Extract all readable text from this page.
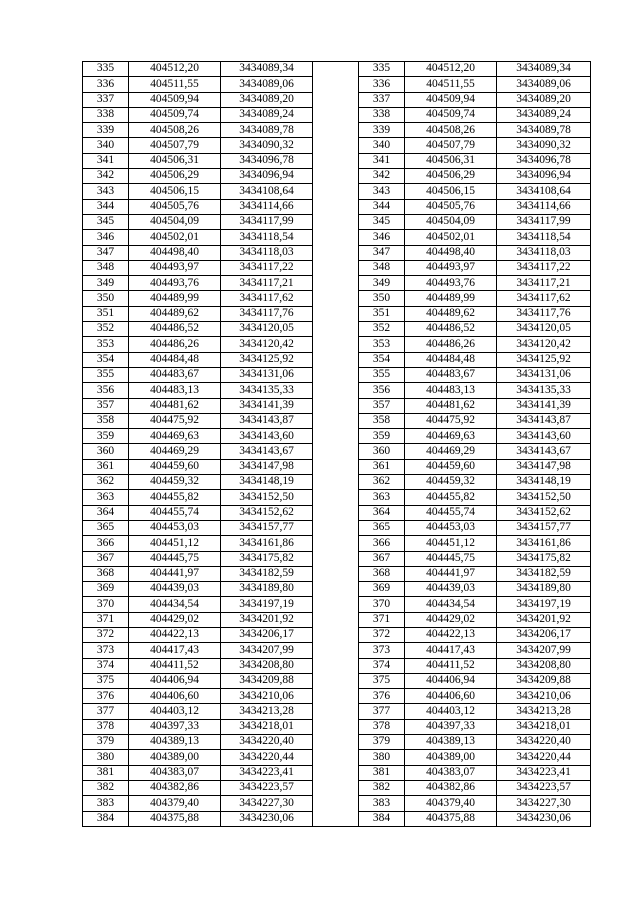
335	404512,20	3434089,34		335	404512,20	3434089,34
336	404511,55	3434089,06		336	404511,55	3434089,06
337	404509,94	3434089,20		337	404509,94	3434089,20
338	404509,74	3434089,24		338	404509,74	3434089,24
339	404508,26	3434089,78		339	404508,26	3434089,78
340	404507,79	3434090,32		340	404507,79	3434090,32
341	404506,31	3434096,78		341	404506,31	3434096,78
342	404506,29	3434096,94		342	404506,29	3434096,94
343	404506,15	3434108,64		343	404506,15	3434108,64
344	404505,76	3434114,66		344	404505,76	3434114,66
345	404504,09	3434117,99		345	404504,09	3434117,99
346	404502,01	3434118,54		346	404502,01	3434118,54
347	404498,40	3434118,03		347	404498,40	3434118,03
348	404493,97	3434117,22		348	404493,97	3434117,22
349	404493,76	3434117,21		349	404493,76	3434117,21
350	404489,99	3434117,62		350	404489,99	3434117,62
351	404489,62	3434117,76		351	404489,62	3434117,76
352	404486,52	3434120,05		352	404486,52	3434120,05
353	404486,26	3434120,42		353	404486,26	3434120,42
354	404484,48	3434125,92		354	404484,48	3434125,92
355	404483,67	3434131,06		355	404483,67	3434131,06
356	404483,13	3434135,33		356	404483,13	3434135,33
357	404481,62	3434141,39		357	404481,62	3434141,39
358	404475,92	3434143,87		358	404475,92	3434143,87
359	404469,63	3434143,60		359	404469,63	3434143,60
360	404469,29	3434143,67		360	404469,29	3434143,67
361	404459,60	3434147,98		361	404459,60	3434147,98
362	404459,32	3434148,19		362	404459,32	3434148,19
363	404455,82	3434152,50		363	404455,82	3434152,50
364	404455,74	3434152,62		364	404455,74	3434152,62
365	404453,03	3434157,77		365	404453,03	3434157,77
366	404451,12	3434161,86		366	404451,12	3434161,86
367	404445,75	3434175,82		367	404445,75	3434175,82
368	404441,97	3434182,59		368	404441,97	3434182,59
369	404439,03	3434189,80		369	404439,03	3434189,80
370	404434,54	3434197,19		370	404434,54	3434197,19
371	404429,02	3434201,92		371	404429,02	3434201,92
372	404422,13	3434206,17		372	404422,13	3434206,17
373	404417,43	3434207,99		373	404417,43	3434207,99
374	404411,52	3434208,80		374	404411,52	3434208,80
375	404406,94	3434209,88		375	404406,94	3434209,88
376	404406,60	3434210,06		376	404406,60	3434210,06
377	404403,12	3434213,28		377	404403,12	3434213,28
378	404397,33	3434218,01		378	404397,33	3434218,01
379	404389,13	3434220,40		379	404389,13	3434220,40
380	404389,00	3434220,44		380	404389,00	3434220,44
381	404383,07	3434223,41		381	404383,07	3434223,41
382	404382,86	3434223,57		382	404382,86	3434223,57
383	404379,40	3434227,30		383	404379,40	3434227,30
384	404375,88	3434230,06		384	404375,88	3434230,06
